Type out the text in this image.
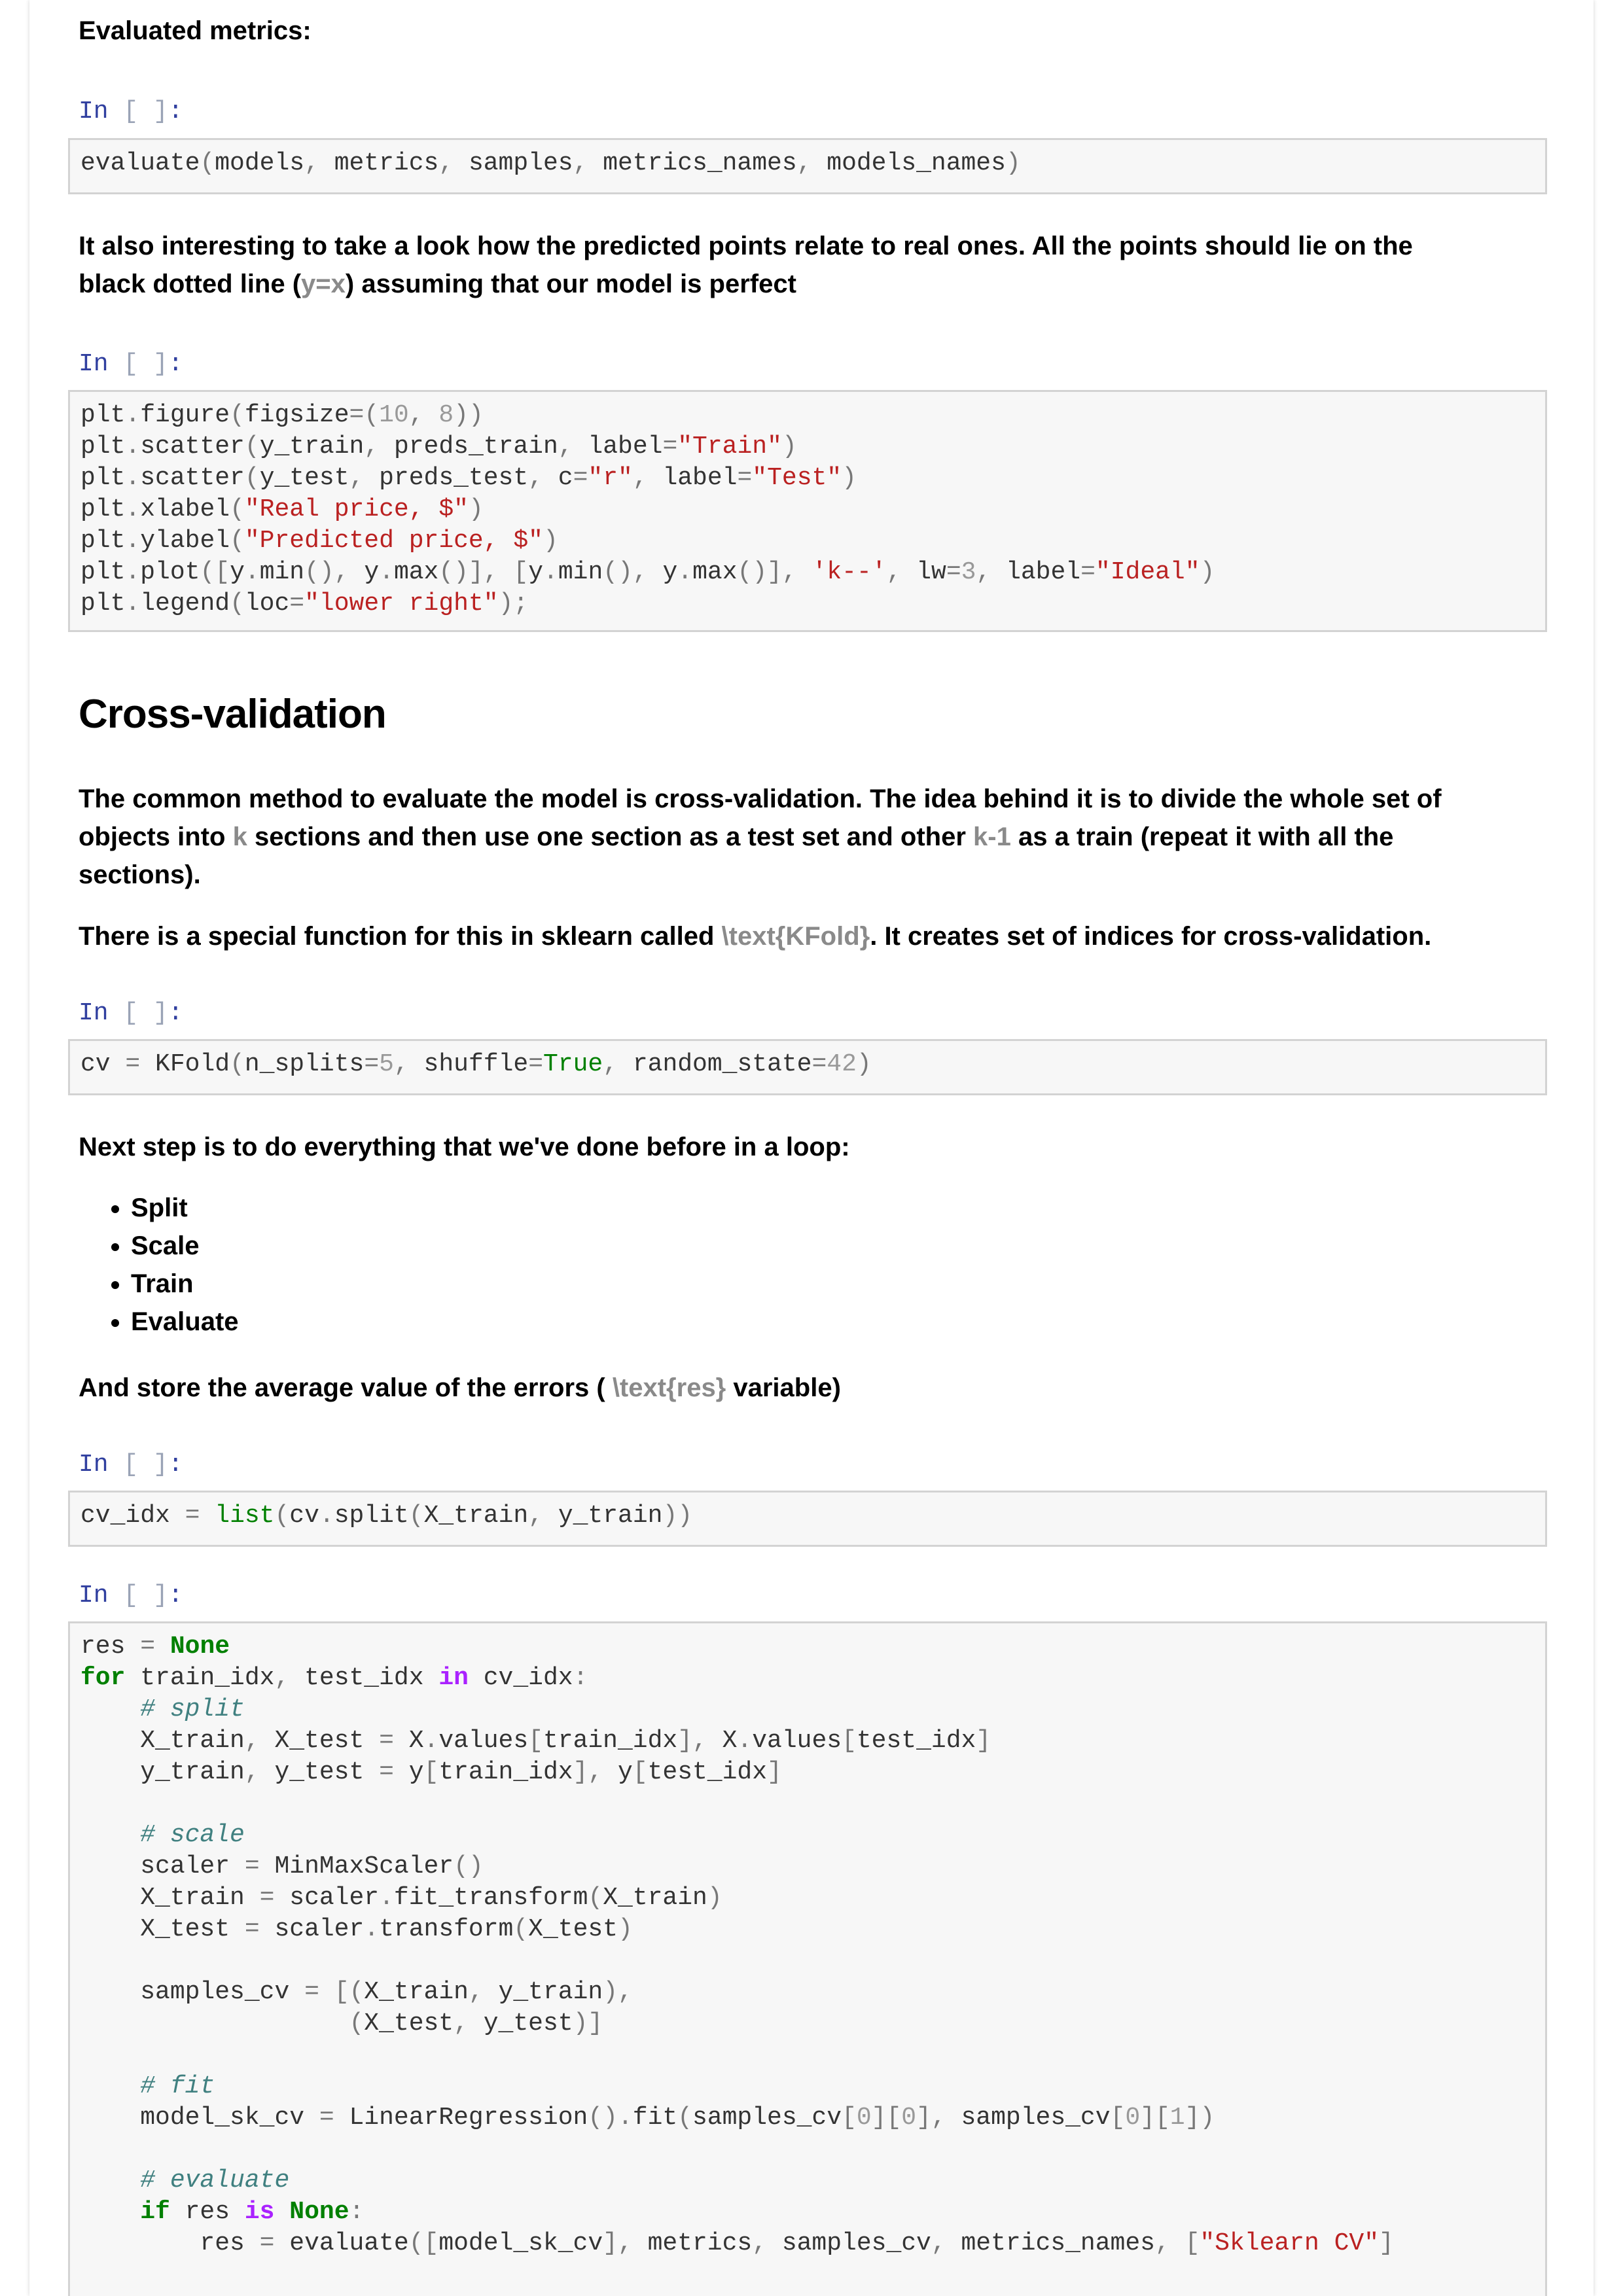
Evaluated metrics:

In [ ]:
evaluate(models, metrics, samples, metrics_names, models_names)

It also interesting to take a look how the predicted points relate to real ones. All the points should lie on the
black dotted line (y=x) assuming that our model is perfect

In [ ]:
plt.figure(figsize=(10, 8))
plt.scatter(y_train, preds_train, label="Train")
plt.scatter(y_test, preds_test, c="r", label="Test")
plt.xlabel("Real price, $")
plt.ylabel("Predicted price, $")
plt.plot([y.min(), y.max()], [y.min(), y.max()], 'k--', lw=3, label="Ideal")
plt.legend(loc="lower right");
Cross-validation

The common method to evaluate the model is cross-validation. The idea behind it is to divide the whole set of
objects into k sections and then use one section as a test set and other k-1 as a train (repeat it with all the
sections).

There is a special function for this in sklearn called \text{KFold}. It creates set of indices for cross-validation.

In [ ]:
cv = KFold(n_splits=5, shuffle=True, random_state=42)

Next step is to do everything that we've done before in a loop:

• Split
• Scale
• Train
• Evaluate

And store the average value of the errors ( \text{res} variable)

In [ ]:
cv_idx = list(cv.split(X_train, y_train))
In [ ]:
res = None
for train_idx, test_idx in cv_idx:
# split
X_train, X_test = X.values[train_idx], X.values[test_idx]
y_train, y_test = y[train_idx], y[test_idx]

# scale
scaler = MinMaxScaler()
X_train = scaler.fit_transform(X_train)
X_test = scaler.transform(X_test)

samples_cv = [(X_train, y_train),
(X_test, y_test)]

# fit
model_sk_cv = LinearRegression().fit(samples_cv[0][0], samples_cv[0][1])

# evaluate
if res is None:
res = evaluate([model_sk_cv], metrics, samples_cv, metrics_names, ["Sklearn CV"]
